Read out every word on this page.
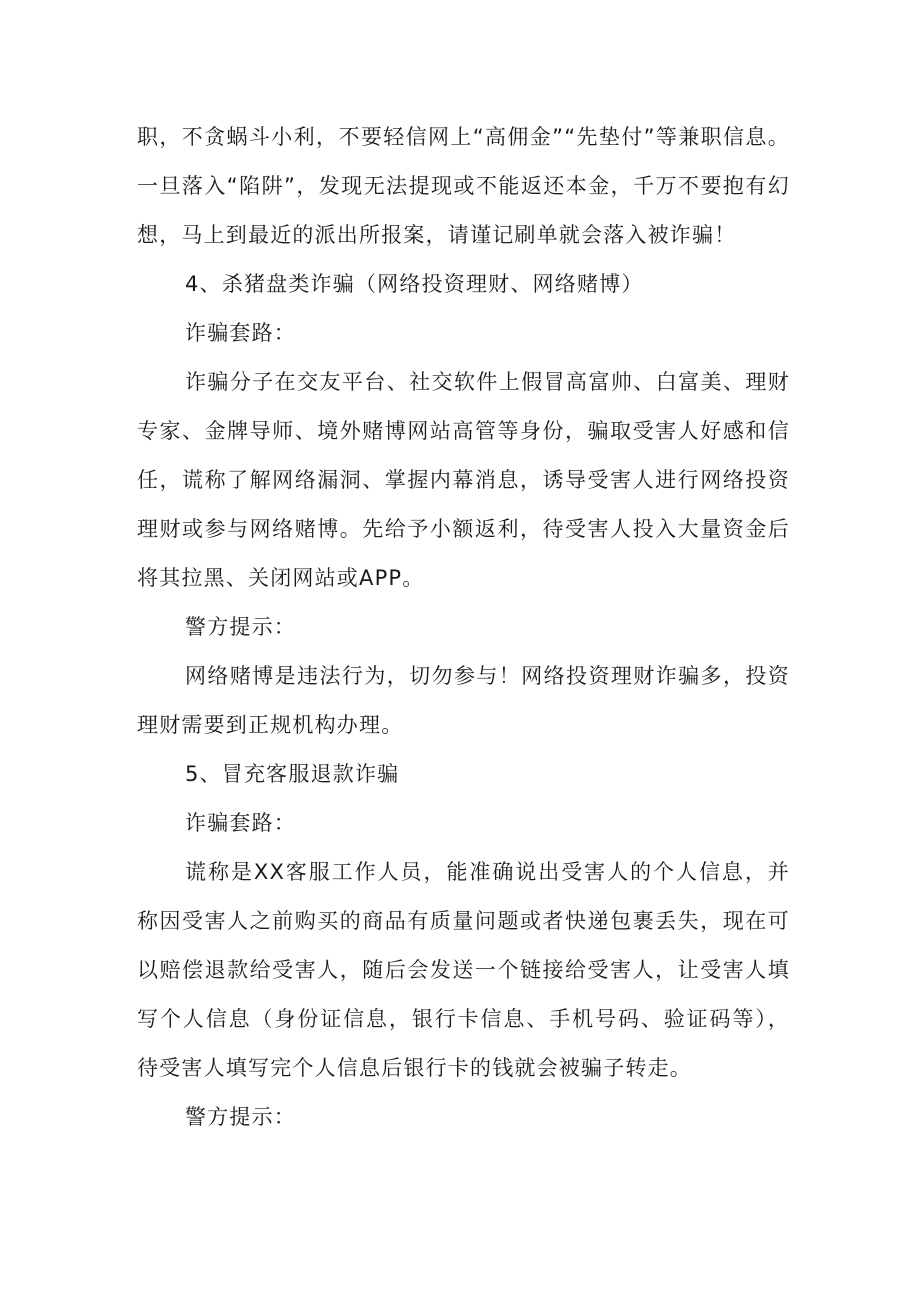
职，不贪蜗斗小利，不要轻信网上“高佣金”“先垫付”等兼职信息。一旦落入“陷阱”，发现无法提现或不能返还本金，千万不要抱有幻想，马上到最近的派出所报案，请谨记刷单就会落入被诈骗！

4、杀猪盘类诈骗（网络投资理财、网络赌博）

诈骗套路：

诈骗分子在交友平台、社交软件上假冒高富帅、白富美、理财专家、金牌导师、境外赌博网站高管等身份，骗取受害人好感和信任，谎称了解网络漏洞、掌握内幕消息，诱导受害人进行网络投资理财或参与网络赌博。先给予小额返利，待受害人投入大量资金后将其拉黑、关闭网站或APP。

警方提示：

网络赌博是违法行为，切勿参与！网络投资理财诈骗多，投资理财需要到正规机构办理。

5、冒充客服退款诈骗

诈骗套路：

谎称是XX客服工作人员，能准确说出受害人的个人信息，并称因受害人之前购买的商品有质量问题或者快递包裹丢失，现在可以赔偿退款给受害人，随后会发送一个链接给受害人，让受害人填写个人信息（身份证信息，银行卡信息、手机号码、验证码等），待受害人填写完个人信息后银行卡的钱就会被骗子转走。

警方提示：
